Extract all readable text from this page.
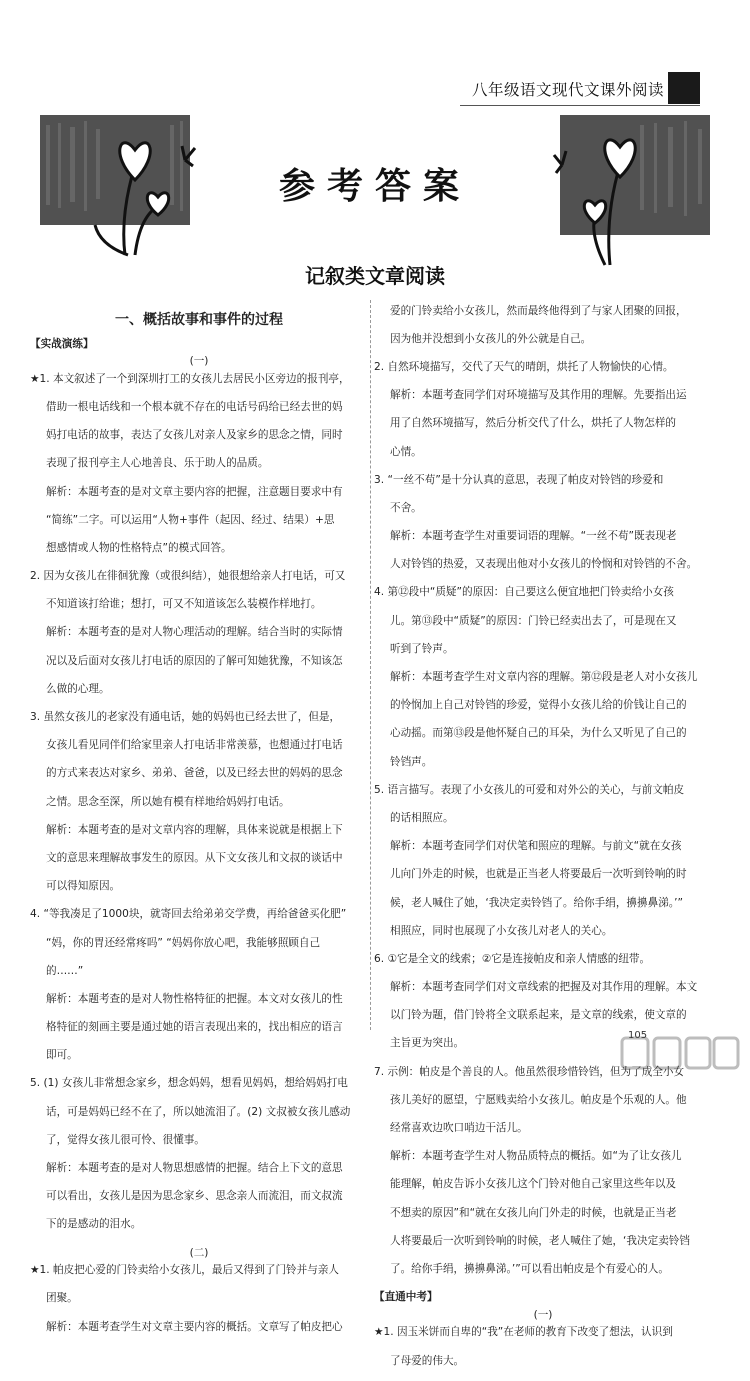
八年级语文现代文课外阅读
参考答案
记叙类文章阅读
一、概括故事和事件的过程

【实战演练】

(一)

★1. 本文叙述了一个到深圳打工的女孩儿去居民小区旁边的报刊亭，

借助一根电话线和一个根本就不存在的电话号码给已经去世的妈

妈打电话的故事，表达了女孩儿对亲人及家乡的思念之情，同时

表现了报刊亭主人心地善良、乐于助人的品质。

解析：本题考查的是对文章主要内容的把握，注意题目要求中有

“简练”二字。可以运用“人物+事件（起因、经过、结果）+思

想感情或人物的性格特点”的模式回答。

2. 因为女孩儿在徘徊犹豫（或很纠结），她很想给亲人打电话，可又

不知道该打给谁；想打，可又不知道该怎么装模作样地打。

解析：本题考查的是对人物心理活动的理解。结合当时的实际情

况以及后面对女孩儿打电话的原因的了解可知她犹豫，不知该怎

么做的心理。

3. 虽然女孩儿的老家没有通电话，她的妈妈也已经去世了，但是，

女孩儿看见同伴们给家里亲人打电话非常羡慕，也想通过打电话

的方式来表达对家乡、弟弟、爸爸，以及已经去世的妈妈的思念

之情。思念至深，所以她有模有样地给妈妈打电话。

解析：本题考查的是对文章内容的理解，具体来说就是根据上下

文的意思来理解故事发生的原因。从下文女孩儿和文叔的谈话中

可以得知原因。

4. “等我凑足了1000块，就寄回去给弟弟交学费，再给爸爸买化肥”

“妈，你的胃还经常疼吗” “妈妈你放心吧，我能够照顾自己

的……”

解析：本题考查的是对人物性格特征的把握。本文对女孩儿的性

格特征的刻画主要是通过她的语言表现出来的，找出相应的语言

即可。

5. (1) 女孩儿非常想念家乡，想念妈妈，想看见妈妈，想给妈妈打电

话，可是妈妈已经不在了，所以她流泪了。(2) 文叔被女孩儿感动

了，觉得女孩儿很可怜、很懂事。

解析：本题考查的是对人物思想感情的把握。结合上下文的意思

可以看出，女孩儿是因为思念家乡、思念亲人而流泪，而文叔流

下的是感动的泪水。

(二)

★1. 帕皮把心爱的门铃卖给小女孩儿，最后又得到了门铃并与亲人

团聚。

解析：本题考查学生对文章主要内容的概括。文章写了帕皮把心

爱的门铃卖给小女孩儿，然而最终他得到了与家人团聚的回报，

因为他并没想到小女孩儿的外公就是自己。

2. 自然环境描写，交代了天气的晴朗，烘托了人物愉快的心情。

解析：本题考查同学们对环境描写及其作用的理解。先要指出运

用了自然环境描写，然后分析交代了什么，烘托了人物怎样的

心情。

3. “一丝不苟”是十分认真的意思，表现了帕皮对铃铛的珍爱和

不舍。

解析：本题考查学生对重要词语的理解。“一丝不苟”既表现老

人对铃铛的热爱，又表现出他对小女孩儿的怜悯和对铃铛的不舍。

4. 第⑫段中“质疑”的原因：自己要这么便宜地把门铃卖给小女孩

儿。第⑬段中“质疑”的原因：门铃已经卖出去了，可是现在又

听到了铃声。

解析：本题考查学生对文章内容的理解。第⑫段是老人对小女孩儿

的怜悯加上自己对铃铛的珍爱，觉得小女孩儿给的价钱让自己的

心动摇。而第⑬段是他怀疑自己的耳朵，为什么又听见了自己的

铃铛声。

5. 语言描写。表现了小女孩儿的可爱和对外公的关心，与前文帕皮

的话相照应。

解析：本题考查同学们对伏笔和照应的理解。与前文“就在女孩

儿向门外走的时候，也就是正当老人将要最后一次听到铃响的时

候，老人喊住了她，‘我决定卖铃铛了。给你手绢，擤擤鼻涕。’”

相照应，同时也展现了小女孩儿对老人的关心。

6. ①它是全文的线索；②它是连接帕皮和亲人情感的纽带。

解析：本题考查同学们对文章线索的把握及对其作用的理解。本文

以门铃为题，借门铃将全文联系起来，是文章的线索，使文章的

主旨更为突出。

7. 示例：帕皮是个善良的人。他虽然很珍惜铃铛，但为了成全小女

孩儿美好的愿望，宁愿贱卖给小女孩儿。帕皮是个乐观的人。他

经常喜欢边吹口哨边干活儿。

解析：本题考查学生对人物品质特点的概括。如“为了让女孩儿

能理解，帕皮告诉小女孩儿这个门铃对他自己家里这些年以及

不想卖的原因”和“就在女孩儿向门外走的时候，也就是正当老

人将要最后一次听到铃响的时候，老人喊住了她，‘我决定卖铃铛

了。给你手绢，擤擤鼻涕。’”可以看出帕皮是个有爱心的人。

【直通中考】

(一)

★1. 因玉米饼而自卑的“我”在老师的教育下改变了想法，认识到

了母爱的伟大。

105
